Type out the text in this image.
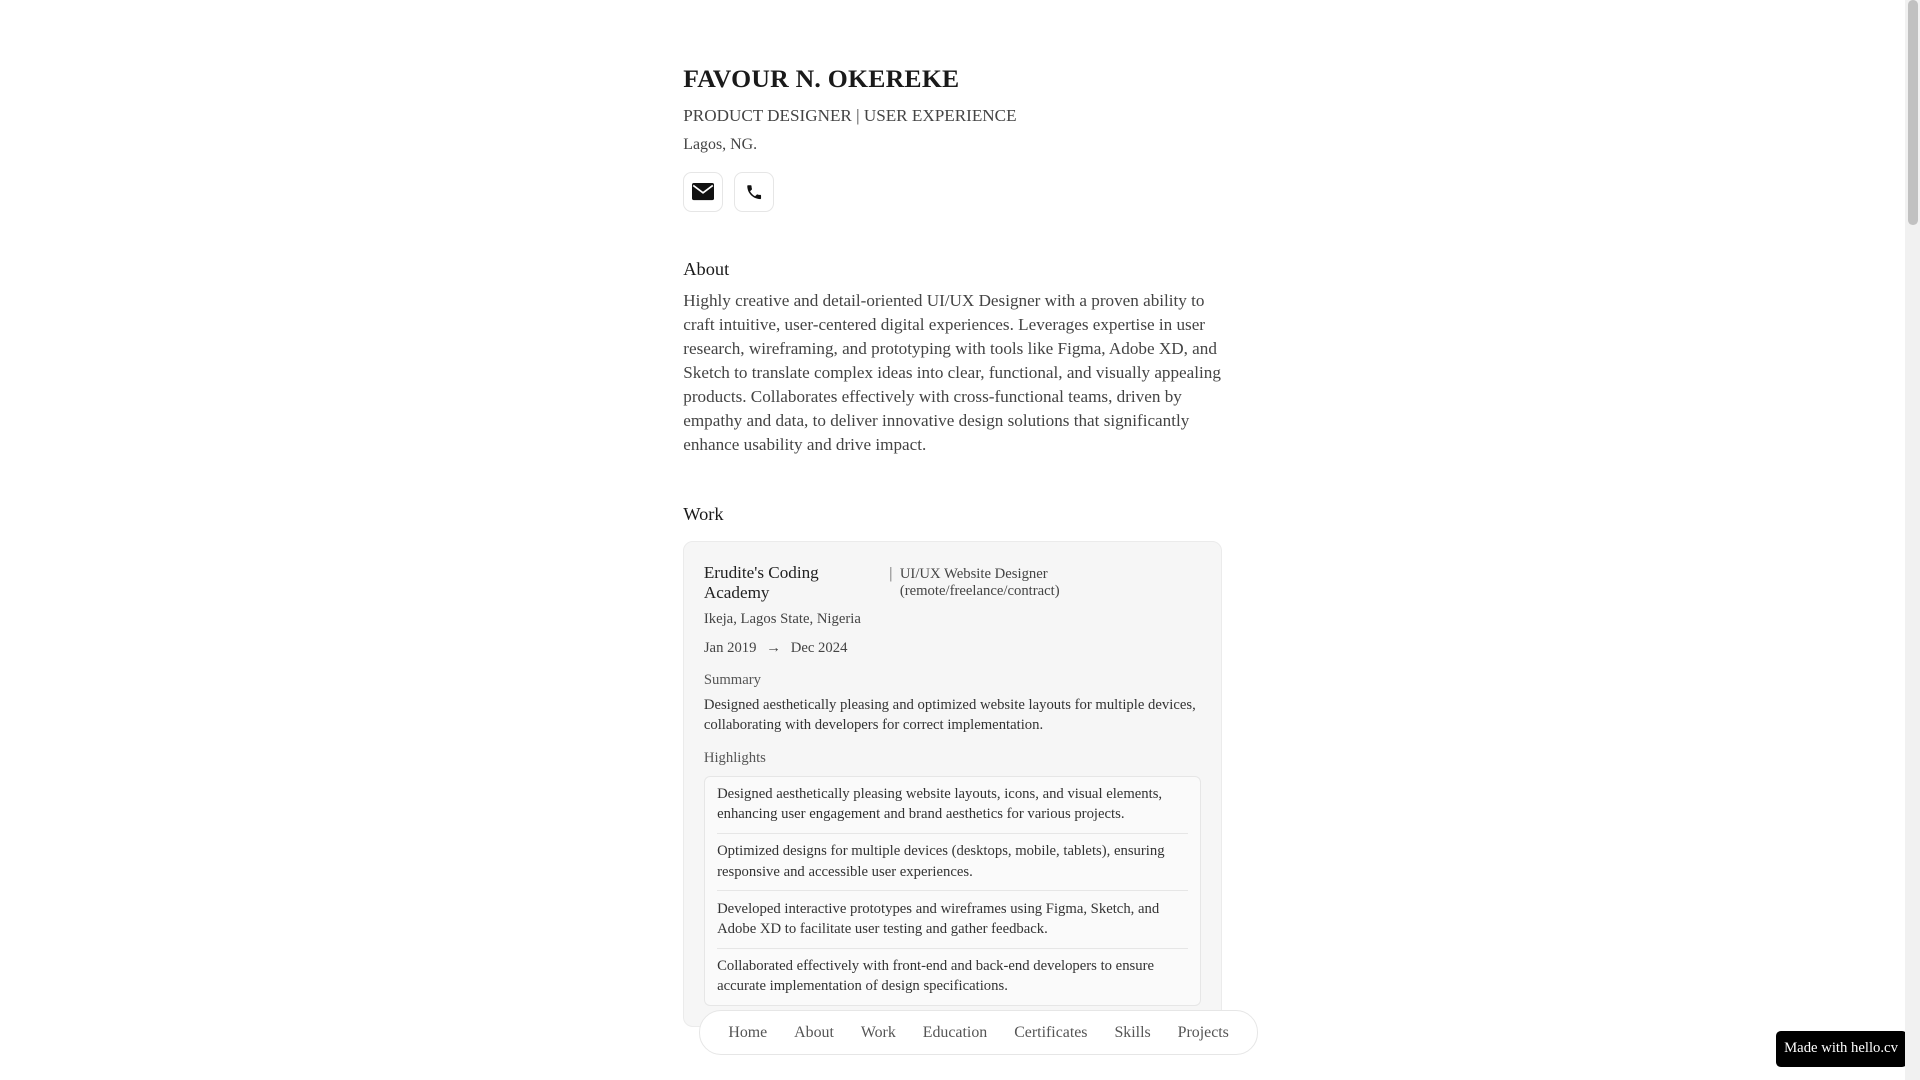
FAVOUR N. OKEREKE
PRODUCT DESIGNER | USER EXPERIENCE
Lagos, NG.
About

Highly creative and detail-oriented UI/UX Designer with a proven ability to craft intuitive, user-centered digital experiences. Leverages expertise in user research, wireframing, and prototyping with tools like Figma, Adobe XD, and Sketch to translate complex ideas into clear, functional, and visually appealing products. Collaborates effectively with cross-functional teams, driven by empathy and data, to deliver innovative design solutions that significantly enhance usability and drive impact.

Work
Erudite's Coding Academy
| UI/UX Website Designer (remote/freelance/contract)
Ikeja, Lagos State, Nigeria
Jan 2019 → Dec 2024
Summary
Designed aesthetically pleasing and optimized website layouts for multiple devices, collaborating with developers for correct implementation.
Highlights
Designed aesthetically pleasing website layouts, icons, and visual elements, enhancing user engagement and brand aesthetics for various projects.
Optimized designs for multiple devices (desktops, mobile, tablets), ensuring responsive and accessible user experiences.
Developed interactive prototypes and wireframes using Figma, Sketch, and Adobe XD to facilitate user testing and gather feedback.
Collaborated effectively with front-end and back-end developers to ensure accurate implementation of design specifications.
Home	About	Work	Education	Certificates	Skills	Projects
Made with hello.cv
